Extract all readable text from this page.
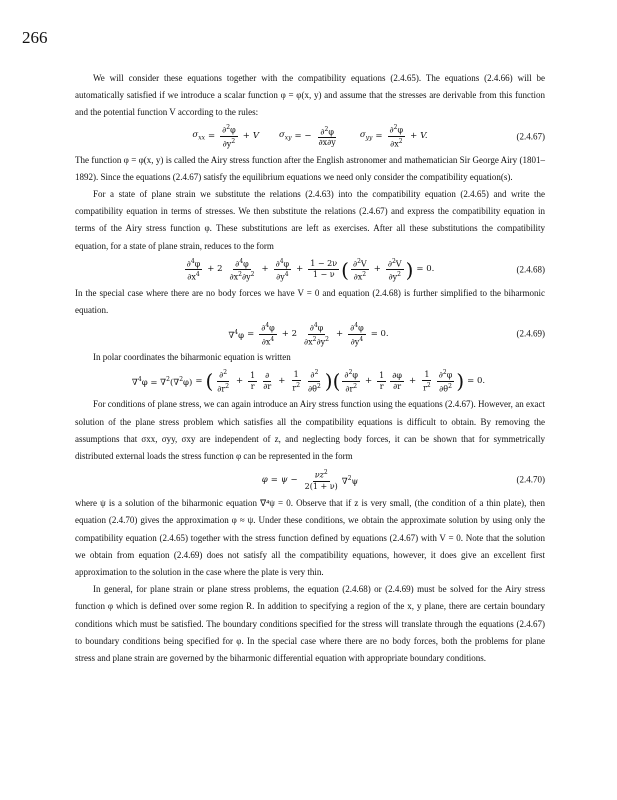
266

We will consider these equations together with the compatibility equations (2.4.65). The equations (2.4.66) will be automatically satisfied if we introduce a scalar function φ = φ(x, y) and assume that the stresses are derivable from this function and the potential function V according to the rules:

$\sigma_{xx} = \frac{\partial^2\varphi}{\partial y^2} + V$ $\sigma_{xy}$ = − $\frac{\partial^2\varphi}{\partial x\partial y}$	$\sigma_{yy} = \frac{\partial^2\varphi}{\partial x^2} + V$.	(2.4.67)

The function φ = φ(x, y) is called the Airy stress function after the English astronomer and mathematician Sir George Airy (1801–1892). Since the equations (2.4.67) satisfy the equilibrium equations we need only consider the compatibility equation(s).

For a state of plane strain we substitute the relations (2.4.63) into the compatibility equation (2.4.65) and write the compatibility equation in terms of stresses. We then substitute the relations (2.4.67) and express the compatibility equation in terms of the Airy stress function φ. These substitutions are left as exercises. After all these substitutions the compatibility equation, for a state of plane strain, reduces to the form

$\frac{\partial^4\varphi}{\partial x^4} + 2 \frac{\partial^4\varphi}{\partial x^2\partial y^2} + \frac{\partial^4\varphi}{\partial y^4} + \frac{1 - 2\nu}{1 - \nu}$ ( $\frac{\partial^2V}{\partial x^2} + \frac{\partial^2V}{\partial y^2}$ ) = 0.	(2.4.68)

In the special case where there are no body forces we have V = 0 and equation (2.4.68) is further simplified to the biharmonic equation.

$\nabla^4\varphi = \frac{\partial^4\varphi}{\partial x^4} + 2 \frac{\partial^4\varphi}{\partial x^2\partial y^2} + \frac{\partial^4\varphi}{\partial y^4} = 0$.	(2.4.69)

In polar coordinates the biharmonic equation is written

∇$^4$φ = ∇$^2$(∇$^2$φ) = ( $\frac{\partial^2}{\partial r^2} + \frac{1}{r} \frac{\partial}{\partial r} + \frac{1}{r^2} \frac{\partial^2}{\partial\theta^2}$ ) ( $\frac{\partial^2\varphi}{\partial r^2} + \frac{1}{r} \frac{\partial\varphi}{\partial r} + \frac{1}{r^2} \frac{\partial^2\varphi}{\partial\theta^2}$ ) = 0.

For conditions of plane stress, we can again introduce an Airy stress function using the equations (2.4.67). However, an exact solution of the plane stress problem which satisfies all the compatibility equations is difficult to obtain. By removing the assumptions that σxx, σyy, σxy are independent of z, and neglecting body forces, it can be shown that for symmetrically distributed external loads the stress function φ can be represented in the form

$\varphi = \psi - \frac{\nu z^2}{2(1 + \nu)} \nabla^2\psi$	(2.4.70)

where ψ is a solution of the biharmonic equation ∇⁴ψ = 0. Observe that if z is very small, (the condition of a thin plate), then equation (2.4.70) gives the approximation φ ≈ ψ. Under these conditions, we obtain the approximate solution by using only the compatibility equation (2.4.65) together with the stress function defined by equations (2.4.67) with V = 0. Note that the solution we obtain from equation (2.4.69) does not satisfy all the compatibility equations, however, it does give an excellent first approximation to the solution in the case where the plate is very thin.

In general, for plane strain or plane stress problems, the equation (2.4.68) or (2.4.69) must be solved for the Airy stress function φ which is defined over some region R. In addition to specifying a region of the x, y plane, there are certain boundary conditions which must be satisfied. The boundary conditions specified for the stress will translate through the equations (2.4.67) to boundary conditions being specified for φ. In the special case where there are no body forces, both the problems for plane stress and plane strain are governed by the biharmonic differential equation with appropriate boundary conditions.
